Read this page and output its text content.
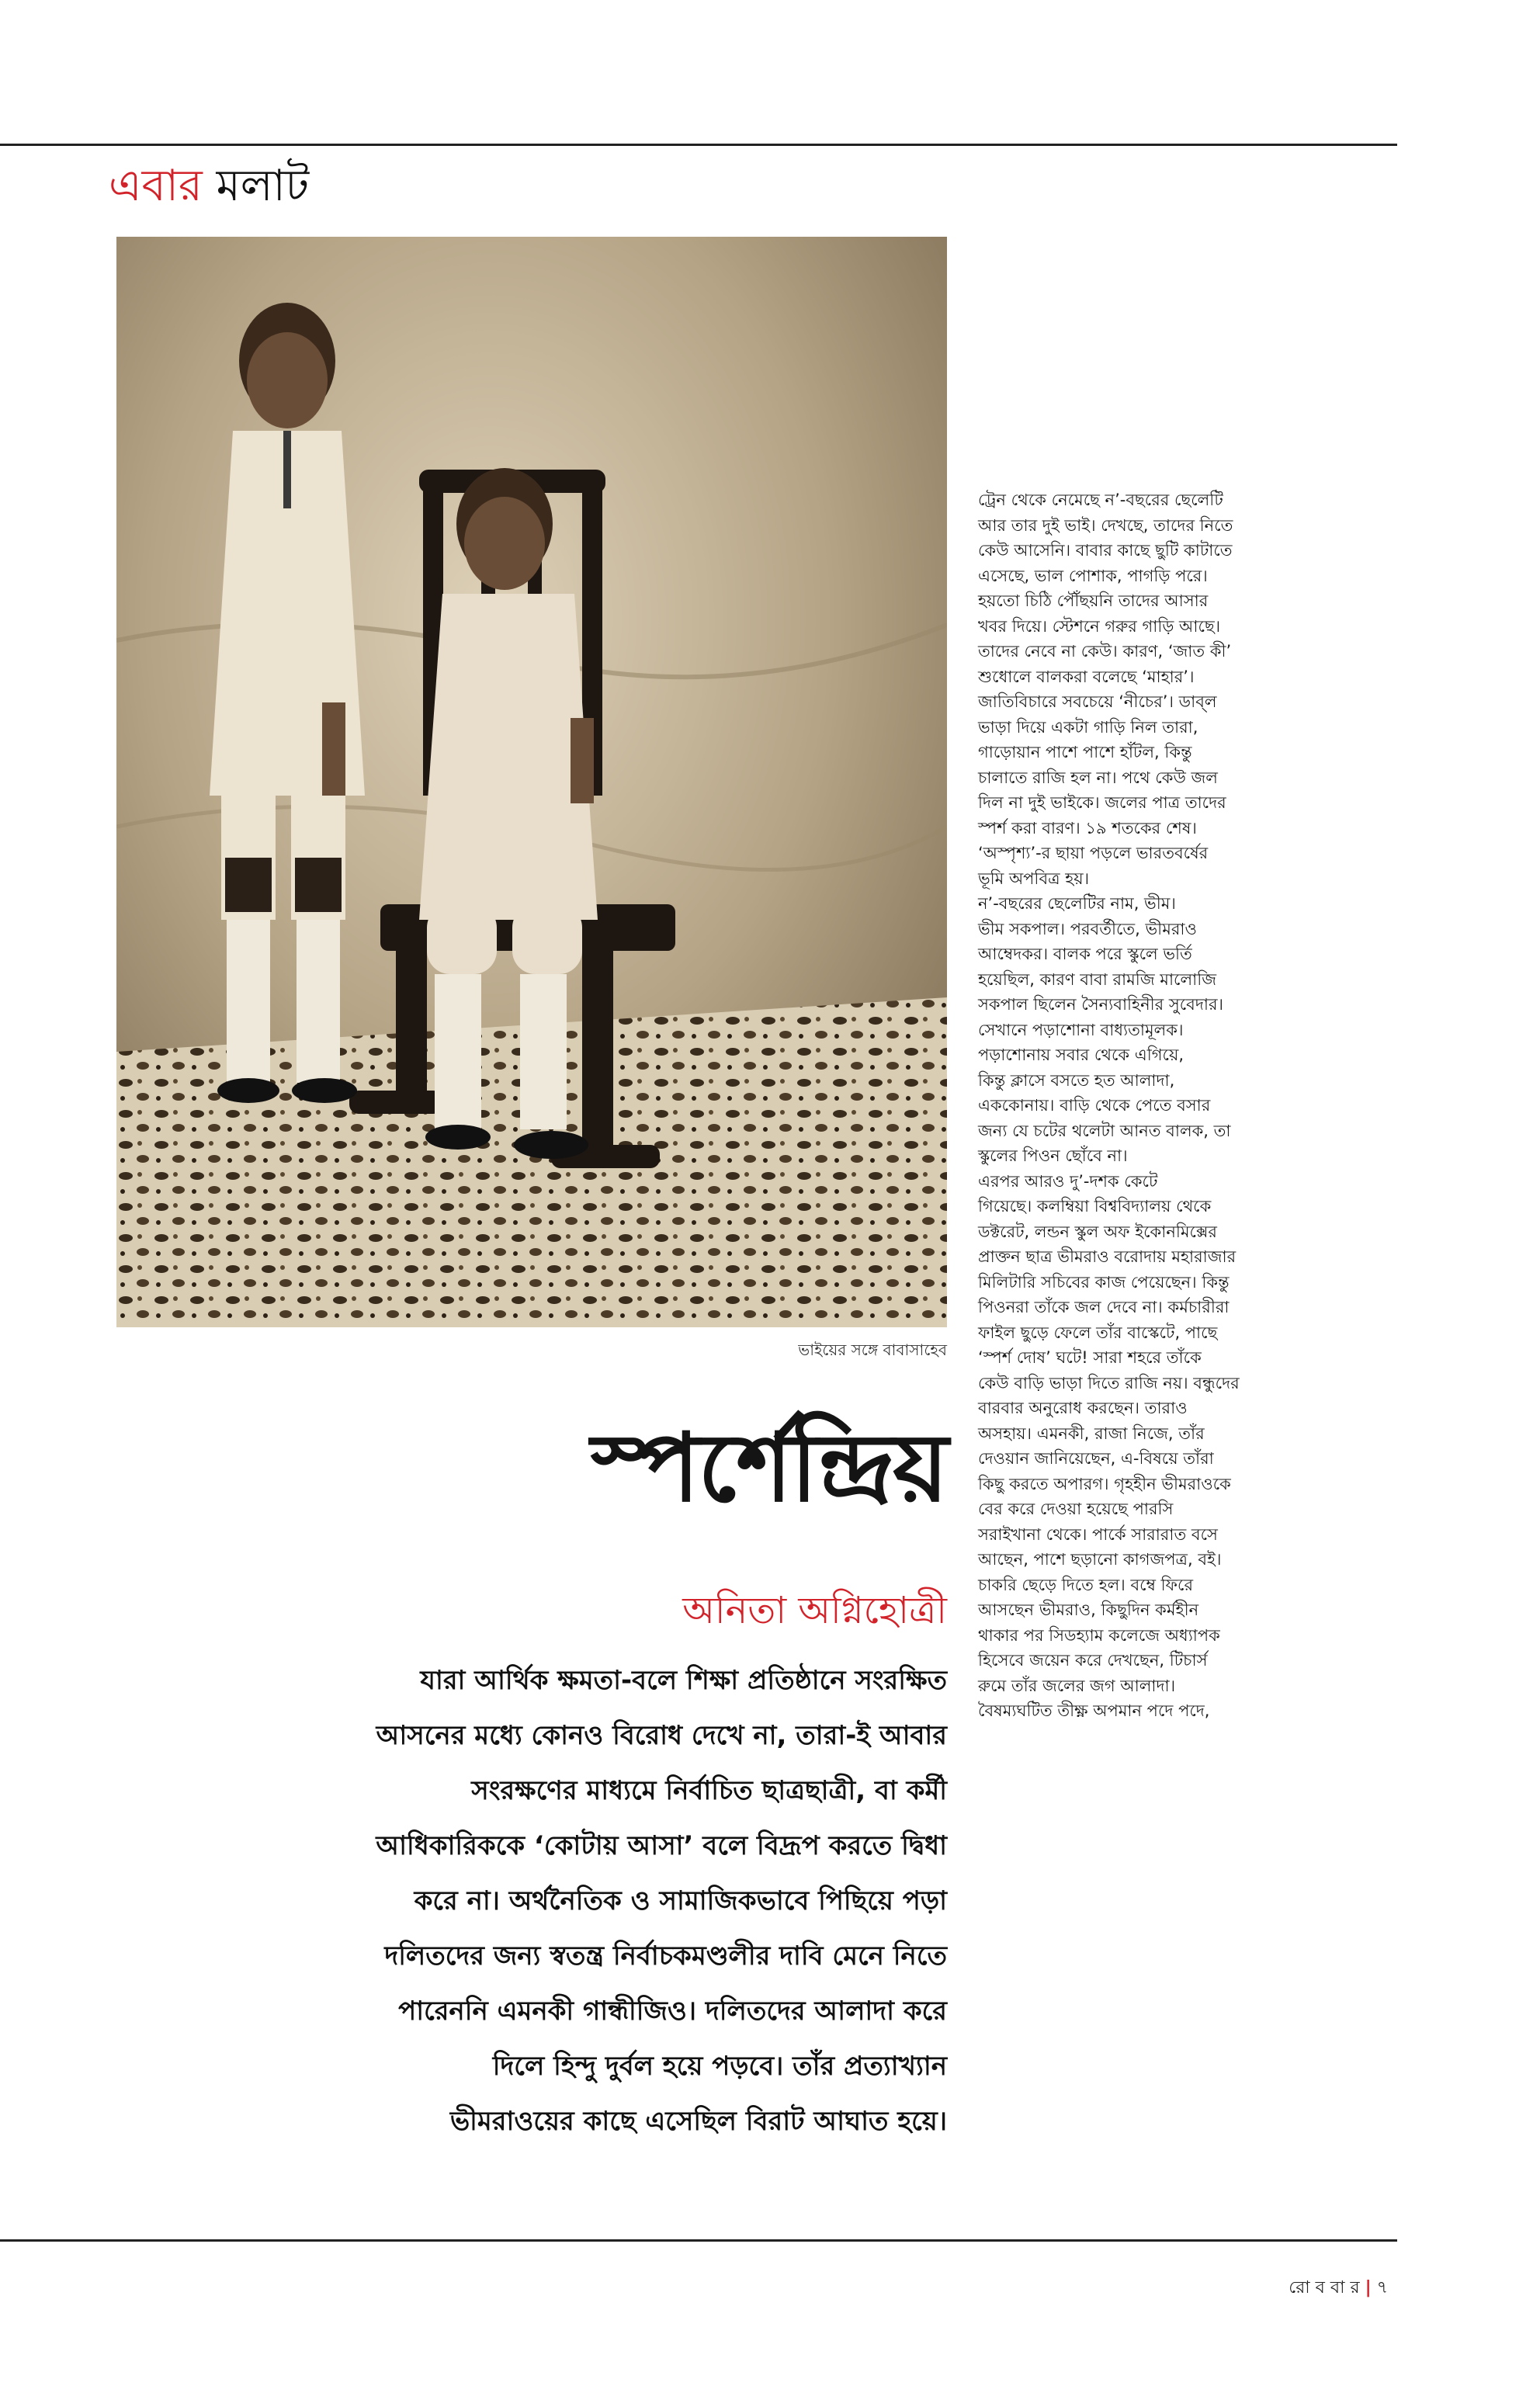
এবার মলাট
ভাইয়ের সঙ্গে বাবাসাহেব
স্পর্শেন্দ্রিয়
অনিতা অগ্নিহোত্রী
যারা আর্থিক ক্ষমতা-বলে শিক্ষা প্রতিষ্ঠানে সংরক্ষিত
আসনের মধ্যে কোনও বিরোধ দেখে না, তারা-ই আবার
সংরক্ষণের মাধ্যমে নির্বাচিত ছাত্রছাত্রী, বা কর্মী
আধিকারিককে ‘কোটায় আসা’ বলে বিদ্রূপ করতে দ্বিধা
করে না। অর্থনৈতিক ও সামাজিকভাবে পিছিয়ে পড়া
দলিতদের জন্য স্বতন্ত্র নির্বাচকমণ্ডলীর দাবি মেনে নিতে
পারেননি এমনকী গান্ধীজিও। দলিতদের আলাদা করে
দিলে হিন্দু দুর্বল হয়ে পড়বে। তাঁর প্রত্যাখ্যান
ভীমরাওয়ের কাছে এসেছিল বিরাট আঘাত হয়ে।
ট্রেন থেকে নেমেছে ন’-বছরের ছেলেটি
আর তার দুই ভাই। দেখছে, তাদের নিতে
কেউ আসেনি। বাবার কাছে ছুটি কাটাতে
এসেছে, ভাল পোশাক, পাগড়ি পরে।
হয়তো চিঠি পৌঁছয়নি তাদের আসার
খবর দিয়ে। স্টেশনে গরুর গাড়ি আছে।
তাদের নেবে না কেউ। কারণ, ‘জাত কী’
শুধোলে বালকরা বলেছে ‘মাহার’।
জাতিবিচারে সবচেয়ে ‘নীচের’। ডাব্‌ল
ভাড়া দিয়ে একটা গাড়ি নিল তারা,
গাড়োয়ান পাশে পাশে হাঁটল, কিন্তু
চালাতে রাজি হল না। পথে কেউ জল
দিল না দুই ভাইকে। জলের পাত্র তাদের
স্পর্শ করা বারণ। ১৯ শতকের শেষ।
‘অস্পৃশ্য’-র ছায়া পড়লে ভারতবর্ষের
ভূমি অপবিত্র হয়।
ন’-বছরের ছেলেটির নাম, ভীম।
ভীম সকপাল। পরবর্তীতে, ভীমরাও
আম্বেদকর। বালক পরে স্কুলে ভর্তি
হয়েছিল, কারণ বাবা রামজি মালোজি
সকপাল ছিলেন সৈন্যবাহিনীর সুবেদার।
সেখানে পড়াশোনা বাধ্যতামূলক।
পড়াশোনায় সবার থেকে এগিয়ে,
কিন্তু ক্লাসে বসতে হত আলাদা,
এককোনায়। বাড়ি থেকে পেতে বসার
জন্য যে চটের থলেটা আনত বালক, তা
স্কুলের পিওন ছোঁবে না।
এরপর আরও দু’-দশক কেটে
গিয়েছে। কলম্বিয়া বিশ্ববিদ্যালয় থেকে
ডক্টরেট, লন্ডন স্কুল অফ ইকোনমিক্সের
প্রাক্তন ছাত্র ভীমরাও বরোদায় মহারাজার
মিলিটারি সচিবের কাজ পেয়েছেন। কিন্তু
পিওনরা তাঁকে জল দেবে না। কর্মচারীরা
ফাইল ছুড়ে ফেলে তাঁর বাস্কেটে, পাছে
‘স্পর্শ দোষ’ ঘটে! সারা শহরে তাঁকে
কেউ বাড়ি ভাড়া দিতে রাজি নয়। বন্ধুদের
বারবার অনুরোধ করছেন। তারাও
অসহায়। এমনকী, রাজা নিজে, তাঁর
দেওয়ান জানিয়েছেন, এ-বিষয়ে তাঁরা
কিছু করতে অপারগ। গৃহহীন ভীমরাওকে
বের করে দেওয়া হয়েছে পারসি
সরাইখানা থেকে। পার্কে সারারাত বসে
আছেন, পাশে ছড়ানো কাগজপত্র, বই।
চাকরি ছেড়ে দিতে হল। বম্বে ফিরে
আসছেন ভীমরাও, কিছুদিন কর্মহীন
থাকার পর সিডহ্যাম কলেজে অধ্যাপক
হিসেবে জয়েন করে দেখছেন, টিচার্স
রুমে তাঁর জলের জগ আলাদা।
বৈষম্যঘটিত তীক্ষ্ণ অপমান পদে পদে,
রো ব বা র | ৭
